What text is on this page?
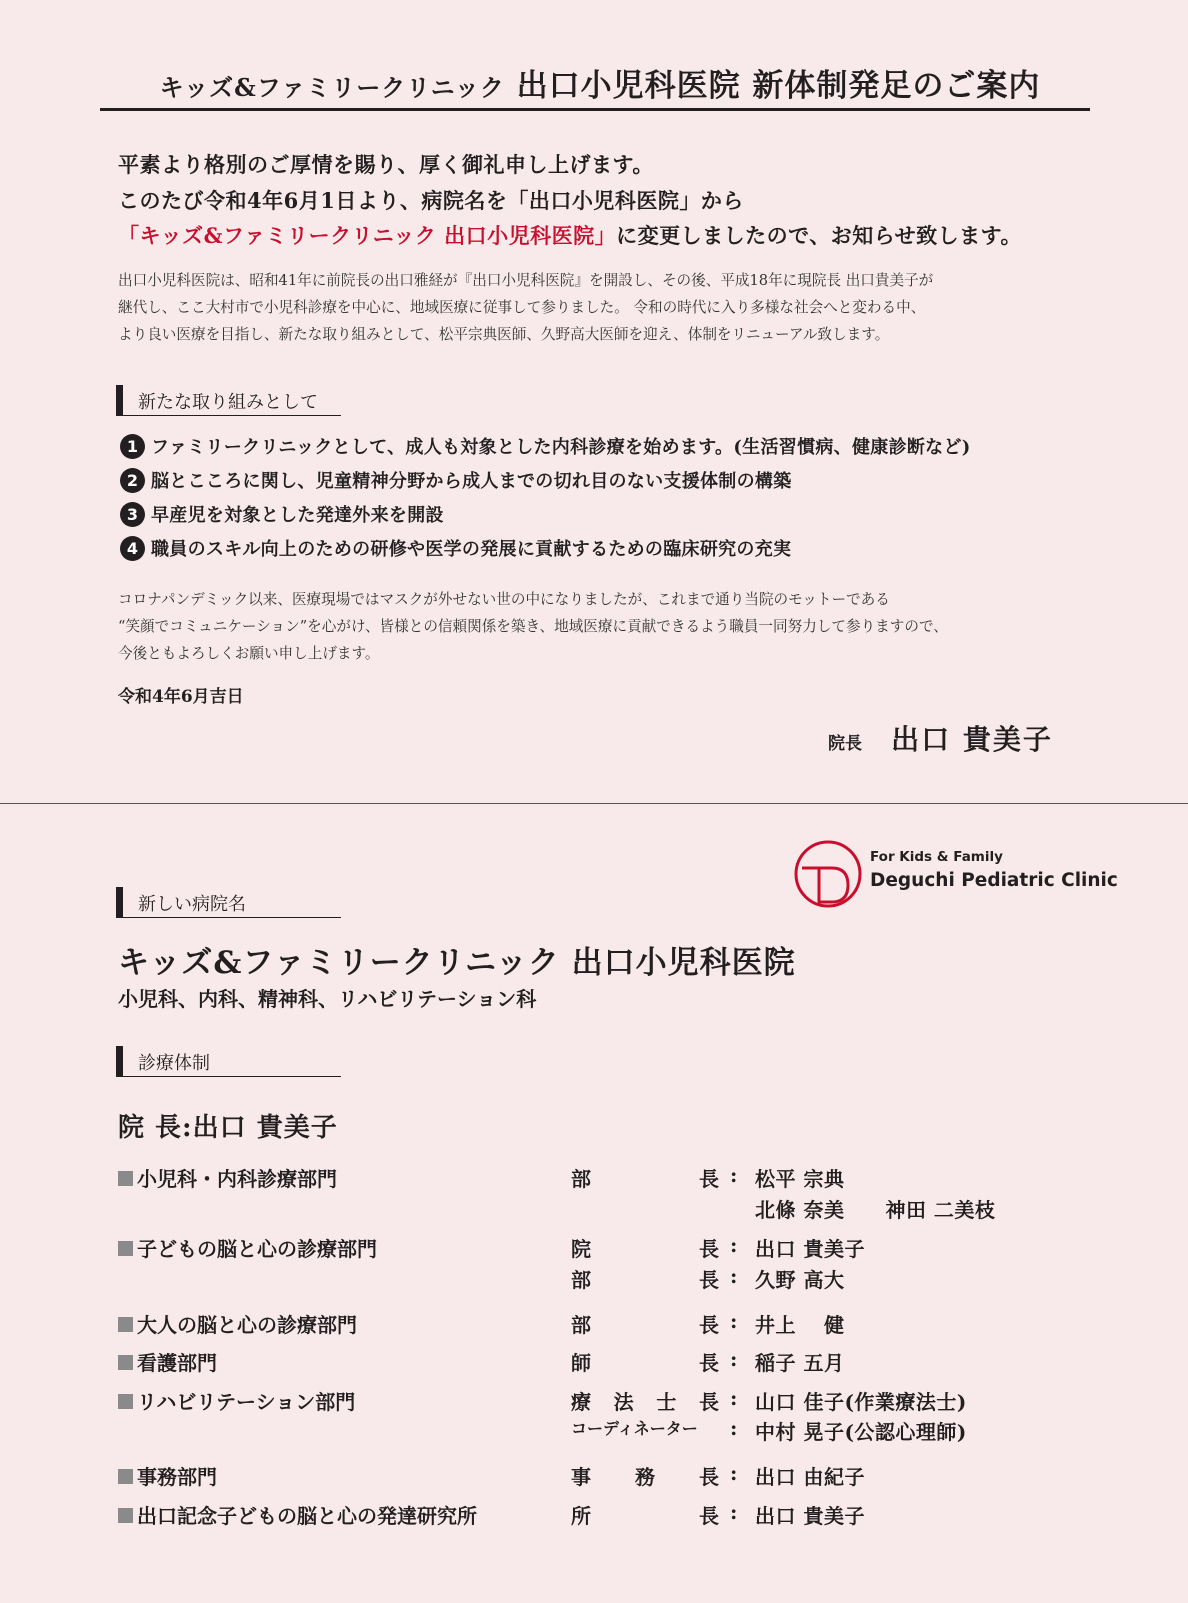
キッズ&ファミリークリニック 出口小児科医院 新体制発足のご案内
平素より格別のご厚情を賜り、厚く御礼申し上げます。
このたび令和4年6月1日より、病院名を「出口小児科医院」から
「キッズ&ファミリークリニック 出口小児科医院」に変更しましたので、お知らせ致します。
出口小児科医院は、昭和41年に前院長の出口雅経が『出口小児科医院』を開設し、その後、平成18年に現院長 出口貴美子が
継代し、ここ大村市で小児科診療を中心に、地域医療に従事して参りました。 令和の時代に入り多様な社会へと変わる中、
より良い医療を目指し、新たな取り組みとして、松平宗典医師、久野高大医師を迎え、体制をリニューアル致します。
新たな取り組みとして
1 ファミリークリニックとして、成人も対象とした内科診療を始めます。(生活習慣病、健康診断など)
2 脳とこころに関し、児童精神分野から成人までの切れ目のない支援体制の構築
3 早産児を対象とした発達外来を開設
4 職員のスキル向上のための研修や医学の発展に貢献するための臨床研究の充実
コロナパンデミック以来、医療現場ではマスクが外せない世の中になりましたが、これまで通り当院のモットーである
“笑顔でコミュニケーション”を心がけ、皆様との信頼関係を築き、地域医療に貢献できるよう職員一同努力して参りますので、
今後ともよろしくお願い申し上げます。
令和4年6月吉日
院長 出口 貴美子
For Kids & Family
Deguchi Pediatric Clinic
新しい病院名
キッズ&ファミリークリニック 出口小児科医院
小児科、内科、精神科、リハビリテーション科
診療体制
院 長:出口 貴美子
小児科・内科診療部門	部	長 : 松平 宗典
北條 奈美　　神田 二美枝
子どもの脳と心の診療部門	院	長 : 出口 貴美子
部	長 : 久野 高大
大人の脳と心の診療部門	部	長 : 井上　 健
看護部門	師	長 : 稲子 五月
リハビリテーション部門	療 法 士 長 : 山口 佳子(作業療法士)
コーディネーター : 中村 晃子(公認心理師)
事務部門	事 務 長 : 出口 由紀子
出口記念子どもの脳と心の発達研究所	所	長 : 出口 貴美子
